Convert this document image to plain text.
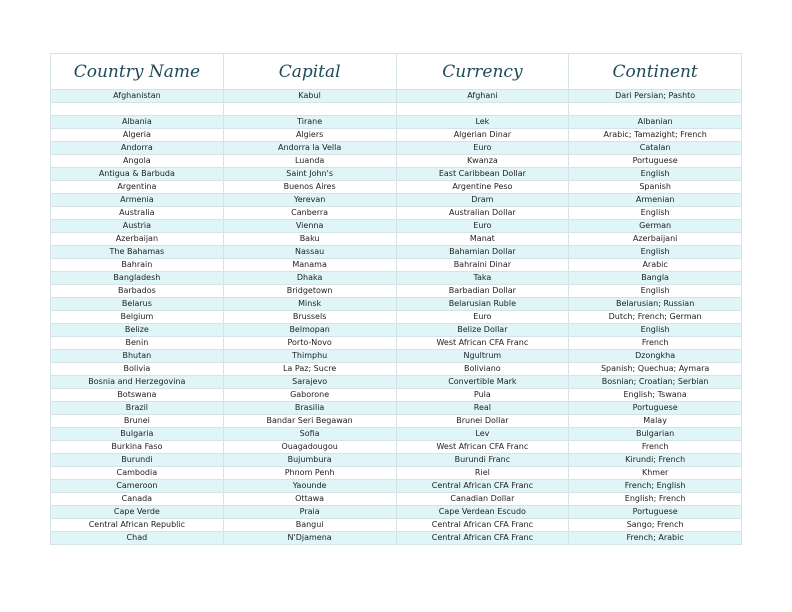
Country Name	Capital	Currency	Continent
Afghanistan	Kabul	Afghani	Dari Persian; Pashto

Albania	Tirane	Lek	Albanian
Algeria	Algiers	Algerian Dinar	Arabic; Tamazight; French
Andorra	Andorra la Vella	Euro	Catalan
Angola	Luanda	Kwanza	Portuguese
Antigua & Barbuda	Saint John's	East Caribbean Dollar	English
Argentina	Buenos Aires	Argentine Peso	Spanish
Armenia	Yerevan	Dram	Armenian
Australia	Canberra	Australian Dollar	English
Austria	Vienna	Euro	German
Azerbaijan	Baku	Manat	Azerbaijani
The Bahamas	Nassau	Bahamian Dollar	English
Bahrain	Manama	Bahraini Dinar	Arabic
Bangladesh	Dhaka	Taka	Bangla
Barbados	Bridgetown	Barbadian Dollar	English
Belarus	Minsk	Belarusian Ruble	Belarusian; Russian
Belgium	Brussels	Euro	Dutch; French; German
Belize	Belmopan	Belize Dollar	English
Benin	Porto-Novo	West African CFA Franc	French
Bhutan	Thimphu	Ngultrum	Dzongkha
Bolivia	La Paz; Sucre	Boliviano	Spanish; Quechua; Aymara
Bosnia and Herzegovina	Sarajevo	Convertible Mark	Bosnian; Croatian; Serbian
Botswana	Gaborone	Pula	English; Tswana
Brazil	Brasilia	Real	Portuguese
Brunei	Bandar Seri Begawan	Brunei Dollar	Malay
Bulgaria	Sofia	Lev	Bulgarian
Burkina Faso	Ouagadougou	West African CFA Franc	French
Burundi	Bujumbura	Burundi Franc	Kirundi; French
Cambodia	Phnom Penh	Riel	Khmer
Cameroon	Yaounde	Central African CFA Franc	French; English
Canada	Ottawa	Canadian Dollar	English; French
Cape Verde	Praia	Cape Verdean Escudo	Portuguese
Central African Republic	Bangui	Central African CFA Franc	Sango; French
Chad	N'Djamena	Central African CFA Franc	French; Arabic
